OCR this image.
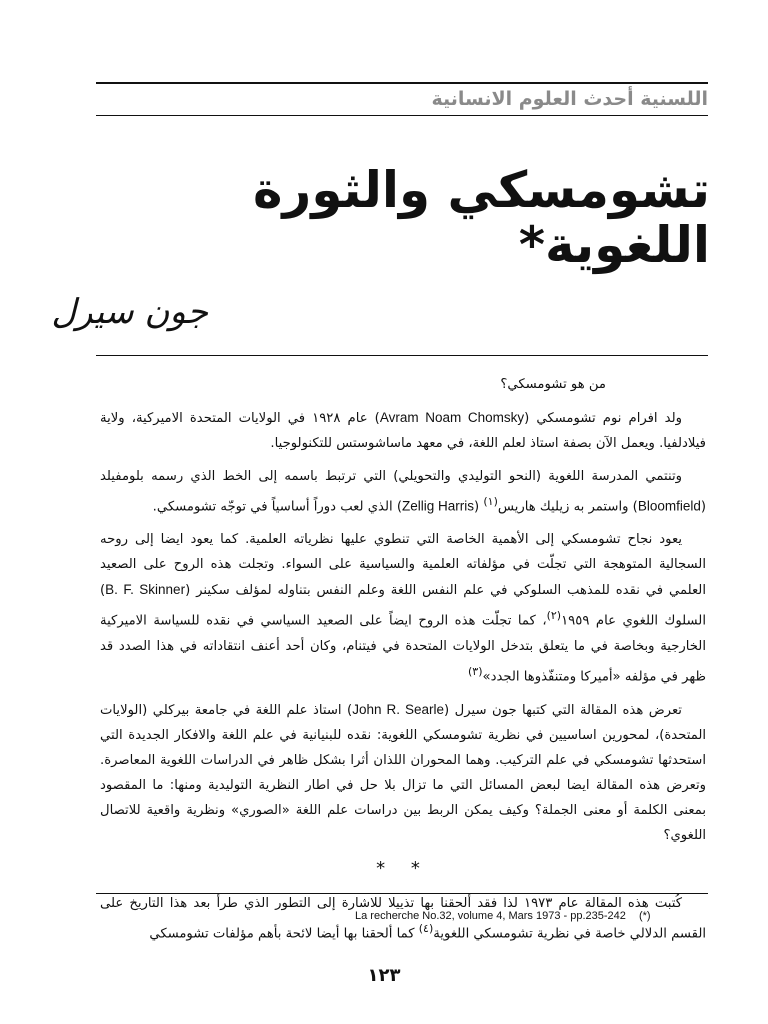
اللسنية أحدث العلوم الانسانية
تشومسكي والثورة اللغوية*
جون سيرل

من هو تشومسكي؟

ولد افرام نوم تشومسكي (Avram Noam Chomsky) عام ١٩٢٨ في الولايات المتحدة الاميركية، ولاية فيلادلفيا. ويعمل الآن بصفة استاذ لعلم اللغة، في معهد ماساشوستس للتكنولوجيا.

وتنتمي المدرسة اللغوية (النحو التوليدي والتحويلي) التي ترتبط باسمه إلى الخط الذي رسمه بلومفيلد (Bloomfield) واستمر به زيليك هاريس$^{(١)}$ (Zellig Harris) الذي لعب دوراً أساسياً في توجّه تشومسكي.

يعود نجاح تشومسكي إلى الأهمية الخاصة التي تنطوي عليها نظرياته العلمية. كما يعود ايضا إلى روحه السجالية المتوهجة التي تجلّت في مؤلفاته العلمية والسياسية على السواء. وتجلت هذه الروح على الصعيد العلمي في نقده للمذهب السلوكي في علم النفس اللغة وعلم النفس بتناوله لمؤلف سكينر (B. F. Skinner) السلوك اللغوي عام ١٩٥٩$^{(٢)}$، كما تجلّت هذه الروح ايضاً على الصعيد السياسي في نقده للسياسة الاميركية الخارجية وبخاصة في ما يتعلق بتدخل الولايات المتحدة في فيتنام، وكان أحد أعنف انتقاداته في هذا الصدد قد ظهر في مؤلفه «أميركا ومتنفّذوها الجدد»$^{(٣)}$

تعرض هذه المقالة التي كتبها جون سيرل (John R. Searle) استاذ علم اللغة في جامعة بيركلي (الولايات المتحدة)، لمحورين اساسيين في نظرية تشومسكي اللغوية: نقده للبنيانية في علم اللغة والافكار الجديدة التي استحدثها تشومسكي في علم التركيب. وهما المحوران اللذان أثرا بشكل ظاهر في الدراسات اللغوية المعاصرة. وتعرض هذه المقالة ايضا لبعض المسائل التي ما تزال بلا حل في اطار النظرية التوليدية ومنها: ما المقصود بمعنى الكلمة أو معنى الجملة؟ وكيف يمكن الربط بين دراسات علم اللغة «الصوري» ونظرية واقعية للاتصال اللغوي؟

* *

كُتبت هذه المقالة عام ١٩٧٣ لذا فقد ألحقنا بها تذييلا للاشارة إلى التطور الذي طرأ بعد هذا التاريخ على القسم الدلالي خاصة في نظرية تشومسكي اللغوية$^{(٤)}$ كما ألحقنا بها أيضا لائحة بأهم مؤلفات تشومسكي

La recherche No.32, volume 4, Mars 1973 - pp.235-242 (*)
١٢٣
